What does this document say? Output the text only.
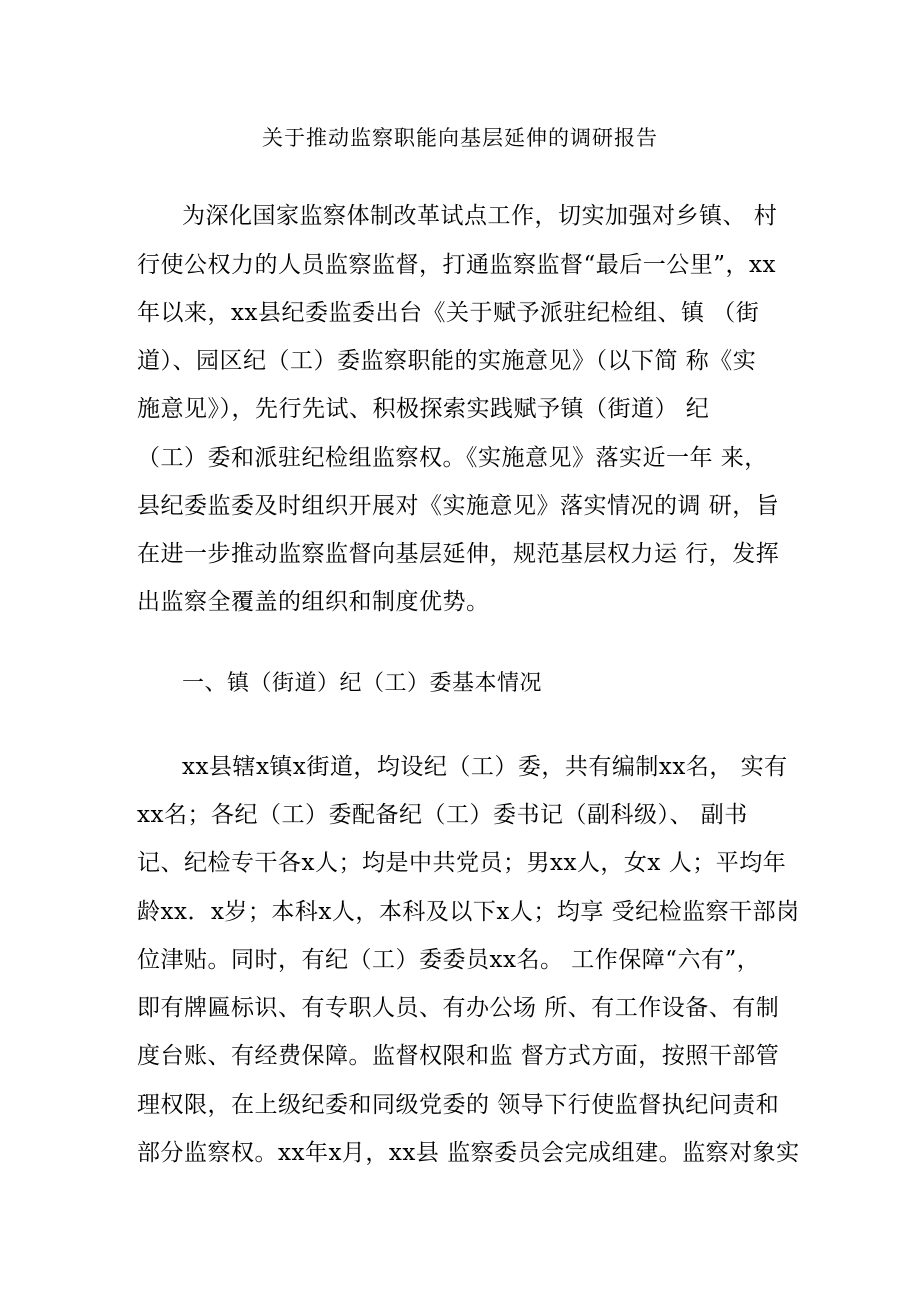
关于推动监察职能向基层延伸的调研报告
为深化国家监察体制改革试点工作，切实加强对乡镇、 村
行使公权力的人员监察监督，打通监察监督“最后一公里”，xx
年以来，xx县纪委监委出台《关于赋予派驻纪检组、镇 （街
道）、园区纪（工）委监察职能的实施意见》（以下简 称《实
施意见》），先行先试、积极探索实践赋予镇（街道） 纪
（工）委和派驻纪检组监察权。《实施意见》落实近一年 来，
县纪委监委及时组织开展对《实施意见》落实情况的调 研，旨
在进一步推动监察监督向基层延伸，规范基层权力运 行，发挥
出监察全覆盖的组织和制度优势。
一、镇（街道）纪（工）委基本情况
xx县辖x镇x街道，均设纪（工）委，共有编制xx名， 实有
xx名；各纪（工）委配备纪（工）委书记（副科级）、 副书
记、纪检专干各x人；均是中共党员；男xx人，女x 人；平均年
龄xx．x岁；本科x人，本科及以下x人；均享 受纪检监察干部岗
位津贴。同时，有纪（工）委委员xx名。 工作保障“六有”，
即有牌匾标识、有专职人员、有办公场 所、有工作设备、有制
度台账、有经费保障。监督权限和监 督方式方面，按照干部管
理权限，在上级纪委和同级党委的 领导下行使监督执纪问责和
部分监察权。xx年x月，xx县 监察委员会完成组建。监察对象实
